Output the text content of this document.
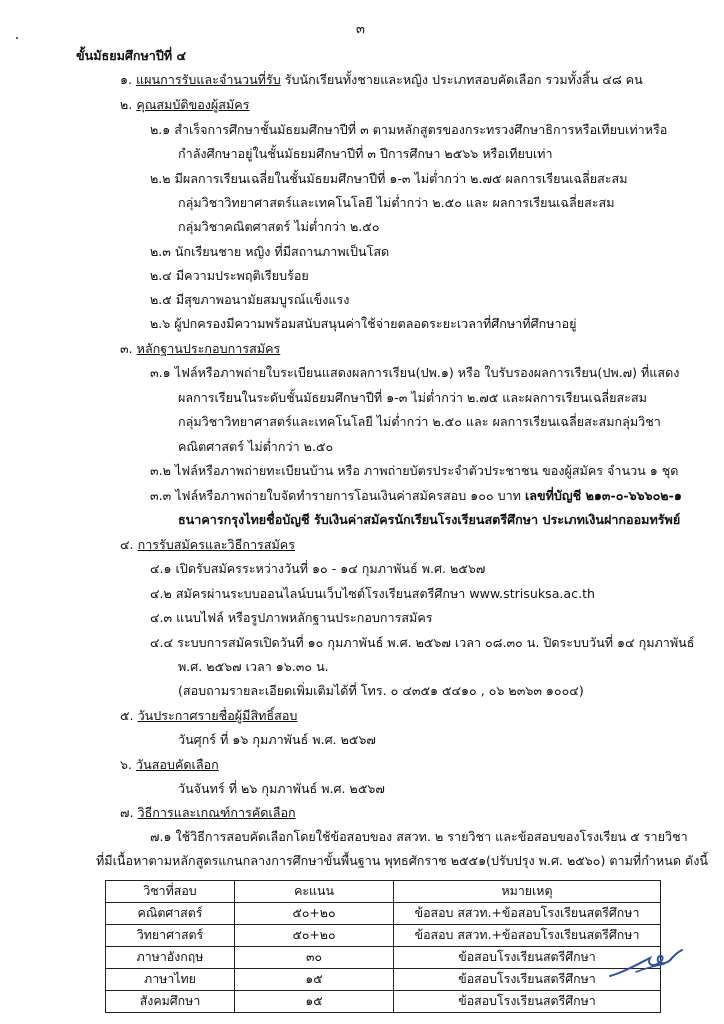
๓
ขั้นมัธยมศึกษาปีที่ ๔
๑. แผนการรับและจำนวนที่รับ รับนักเรียนทั้งชายและหญิง ประเภทสอบคัดเลือก รวมทั้งสิ้น ๔๘ คน
๒. คุณสมบัติของผู้สมัคร
๒.๑ สำเร็จการศึกษาชั้นมัธยมศึกษาปีที่ ๓ ตามหลักสูตรของกระทรวงศึกษาธิการหรือเทียบเท่าหรือ
กำลังศึกษาอยู่ในชั้นมัธยมศึกษาปีที่ ๓ ปีการศึกษา ๒๕๖๖ หรือเทียบเท่า
๒.๒ มีผลการเรียนเฉลี่ยในชั้นมัธยมศึกษาปีที่ ๑-๓ ไม่ต่ำกว่า ๒.๗๕ ผลการเรียนเฉลี่ยสะสม
กลุ่มวิชาวิทยาศาสตร์และเทคโนโลยี ไม่ต่ำกว่า ๒.๕๐ และ ผลการเรียนเฉลี่ยสะสม
กลุ่มวิชาคณิตศาสตร์ ไม่ต่ำกว่า ๒.๕๐
๒.๓ นักเรียนชาย หญิง ที่มีสถานภาพเป็นโสด
๒.๔ มีความประพฤติเรียบร้อย
๒.๕ มีสุขภาพอนามัยสมบูรณ์แข็งแรง
๒.๖ ผู้ปกครองมีความพร้อมสนับสนุนค่าใช้จ่ายตลอดระยะเวลาที่ศึกษาที่ศึกษาอยู่
๓. หลักฐานประกอบการสมัคร
๓.๑ ไฟล์หรือภาพถ่ายใบระเบียนแสดงผลการเรียน(ปพ.๑) หรือ ใบรับรองผลการเรียน(ปพ.๗) ที่แสดง
ผลการเรียนในระดับชั้นมัธยมศึกษาปีที่ ๑-๓ ไม่ต่ำกว่า ๒.๗๕ และผลการเรียนเฉลี่ยสะสม
กลุ่มวิชาวิทยาศาสตร์และเทคโนโลยี ไม่ต่ำกว่า ๒.๕๐ และ ผลการเรียนเฉลี่ยสะสมกลุ่มวิชา
คณิตศาสตร์ ไม่ต่ำกว่า ๒.๕๐
๓.๒ ไฟล์หรือภาพถ่ายทะเบียนบ้าน หรือ ภาพถ่ายบัตรประจำตัวประชาชน ของผู้สมัคร จำนวน ๑ ชุด
๓.๓ ไฟล์หรือภาพถ่ายใบจัดทำรายการโอนเงินค่าสมัครสอบ ๑๐๐ บาท เลขที่บัญชี ๒๑๓-๐-๖๖๖๐๒-๑
ธนาคารกรุงไทยชื่อบัญชี รับเงินค่าสมัครนักเรียนโรงเรียนสตรีศึกษา ประเภทเงินฝากออมทรัพย์
๔. การรับสมัครและวิธีการสมัคร
๔.๑ เปิดรับสมัครระหว่างวันที่ ๑๐ - ๑๔ กุมภาพันธ์ พ.ศ. ๒๕๖๗
๔.๒ สมัครผ่านระบบออนไลน์บนเว็บไซต์โรงเรียนสตรีศึกษา www.strisuksa.ac.th
๔.๓ แนบไฟล์ หรือรูปภาพหลักฐานประกอบการสมัคร
๔.๔ ระบบการสมัครเปิดวันที่ ๑๐ กุมภาพันธ์ พ.ศ. ๒๕๖๗ เวลา ๐๘.๓๐ น. ปิดระบบวันที่ ๑๔ กุมภาพันธ์
พ.ศ. ๒๕๖๗ เวลา ๑๖.๓๐ น.
(สอบถามรายละเอียดเพิ่มเติมได้ที่ โทร. ๐ ๔๓๕๑ ๕๔๑๐ , ๐๖ ๒๓๖๓ ๑๐๐๔)
๕. วันประกาศรายชื่อผู้มีสิทธิ์สอบ
วันศุกร์ ที่ ๑๖ กุมภาพันธ์ พ.ศ. ๒๕๖๗
๖. วันสอบคัดเลือก
วันจันทร์ ที่ ๒๖ กุมภาพันธ์ พ.ศ. ๒๕๖๗
๗. วิธีการและเกณฑ์การคัดเลือก
๗.๑ ใช้วิธีการสอบคัดเลือกโดยใช้ข้อสอบของ สสวท. ๒ รายวิชา และข้อสอบของโรงเรียน ๕ รายวิชา
ที่มีเนื้อหาตามหลักสูตรแกนกลางการศึกษาขั้นพื้นฐาน พุทธศักราช ๒๕๕๑(ปรับปรุง พ.ศ. ๒๕๖๐) ตามที่กำหนด ดังนี้
วิชาที่สอบ	คะแนน	หมายเหตุ
คณิตศาสตร์	๕๐+๒๐	ข้อสอบ สสวท.+ข้อสอบโรงเรียนสตรีศึกษา
วิทยาศาสตร์	๕๐+๒๐	ข้อสอบ สสวท.+ข้อสอบโรงเรียนสตรีศึกษา
ภาษาอังกฤษ	๓๐	ข้อสอบโรงเรียนสตรีศึกษา
ภาษาไทย	๑๕	ข้อสอบโรงเรียนสตรีศึกษา
สังคมศึกษา	๑๕	ข้อสอบโรงเรียนสตรีศึกษา
